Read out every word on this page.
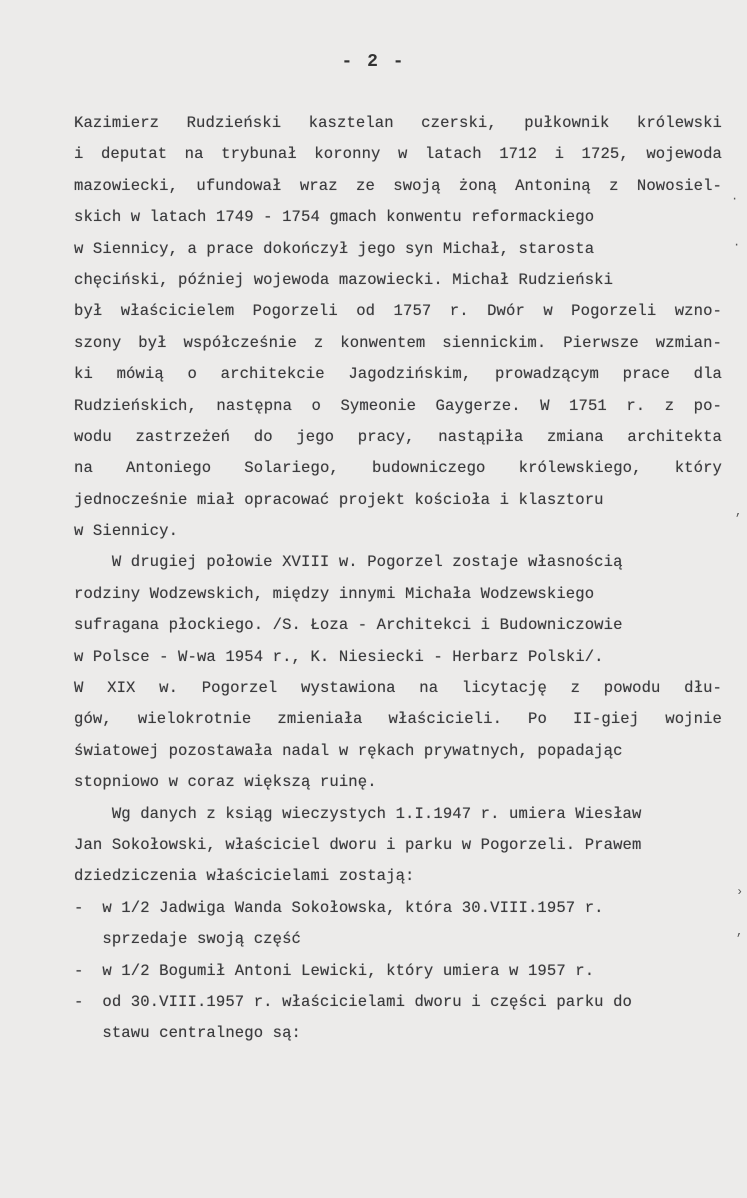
- 2 -
Kazimierz Rudzieński kasztelan czerski, pułkownik królewski
i deputat na trybunał koronny w latach 1712 i 1725, wojewoda
mazowiecki, ufundował wraz ze swoją żoną Antoniną z Nowosiel-
skich w latach 1749 - 1754 gmach konwentu reformackiego
w Siennicy, a prace dokończył jego syn Michał, starosta
chęciński, później wojewoda mazowiecki. Michał Rudzieński
był właścicielem Pogorzeli od 1757 r. Dwór w Pogorzeli wzno-
szony był współcześnie z konwentem siennickim. Pierwsze wzmian-
ki mówią o architekcie Jagodzińskim, prowadzącym prace dla
Rudzieńskich, następna o Symeonie Gaygerze. W 1751 r. z po-
wodu zastrzeżeń do jego pracy, nastąpiła zmiana architekta
na Antoniego Solariego, budowniczego królewskiego, który
jednocześnie miał opracować projekt kościoła i klasztoru
w Siennicy.
W drugiej połowie XVIII w. Pogorzel zostaje własnością
rodziny Wodzewskich, między innymi Michała Wodzewskiego
sufragana płockiego. /S. Łoza - Architekci i Budowniczowie
w Polsce - W-wa 1954 r., K. Niesiecki - Herbarz Polski/.
W XIX w. Pogorzel wystawiona na licytację z powodu dłu-
gów, wielokrotnie zmieniała właścicieli. Po II-giej wojnie
światowej pozostawała nadal w rękach prywatnych, popadając
stopniowo w coraz większą ruinę.
Wg danych z ksiąg wieczystych 1.I.1947 r. umiera Wiesław
Jan Sokołowski, właściciel dworu i parku w Pogorzeli. Prawem
dziedziczenia właścicielami zostają:
-  w 1/2 Jadwiga Wanda Sokołowska, która 30.VIII.1957 r.
sprzedaje swoją część
-  w 1/2 Bogumił Antoni Lewicki, który umiera w 1957 r.
-  od 30.VIII.1957 r. właścicielami dworu i części parku do
stawu centralnego są:
·
·
,
›
,
